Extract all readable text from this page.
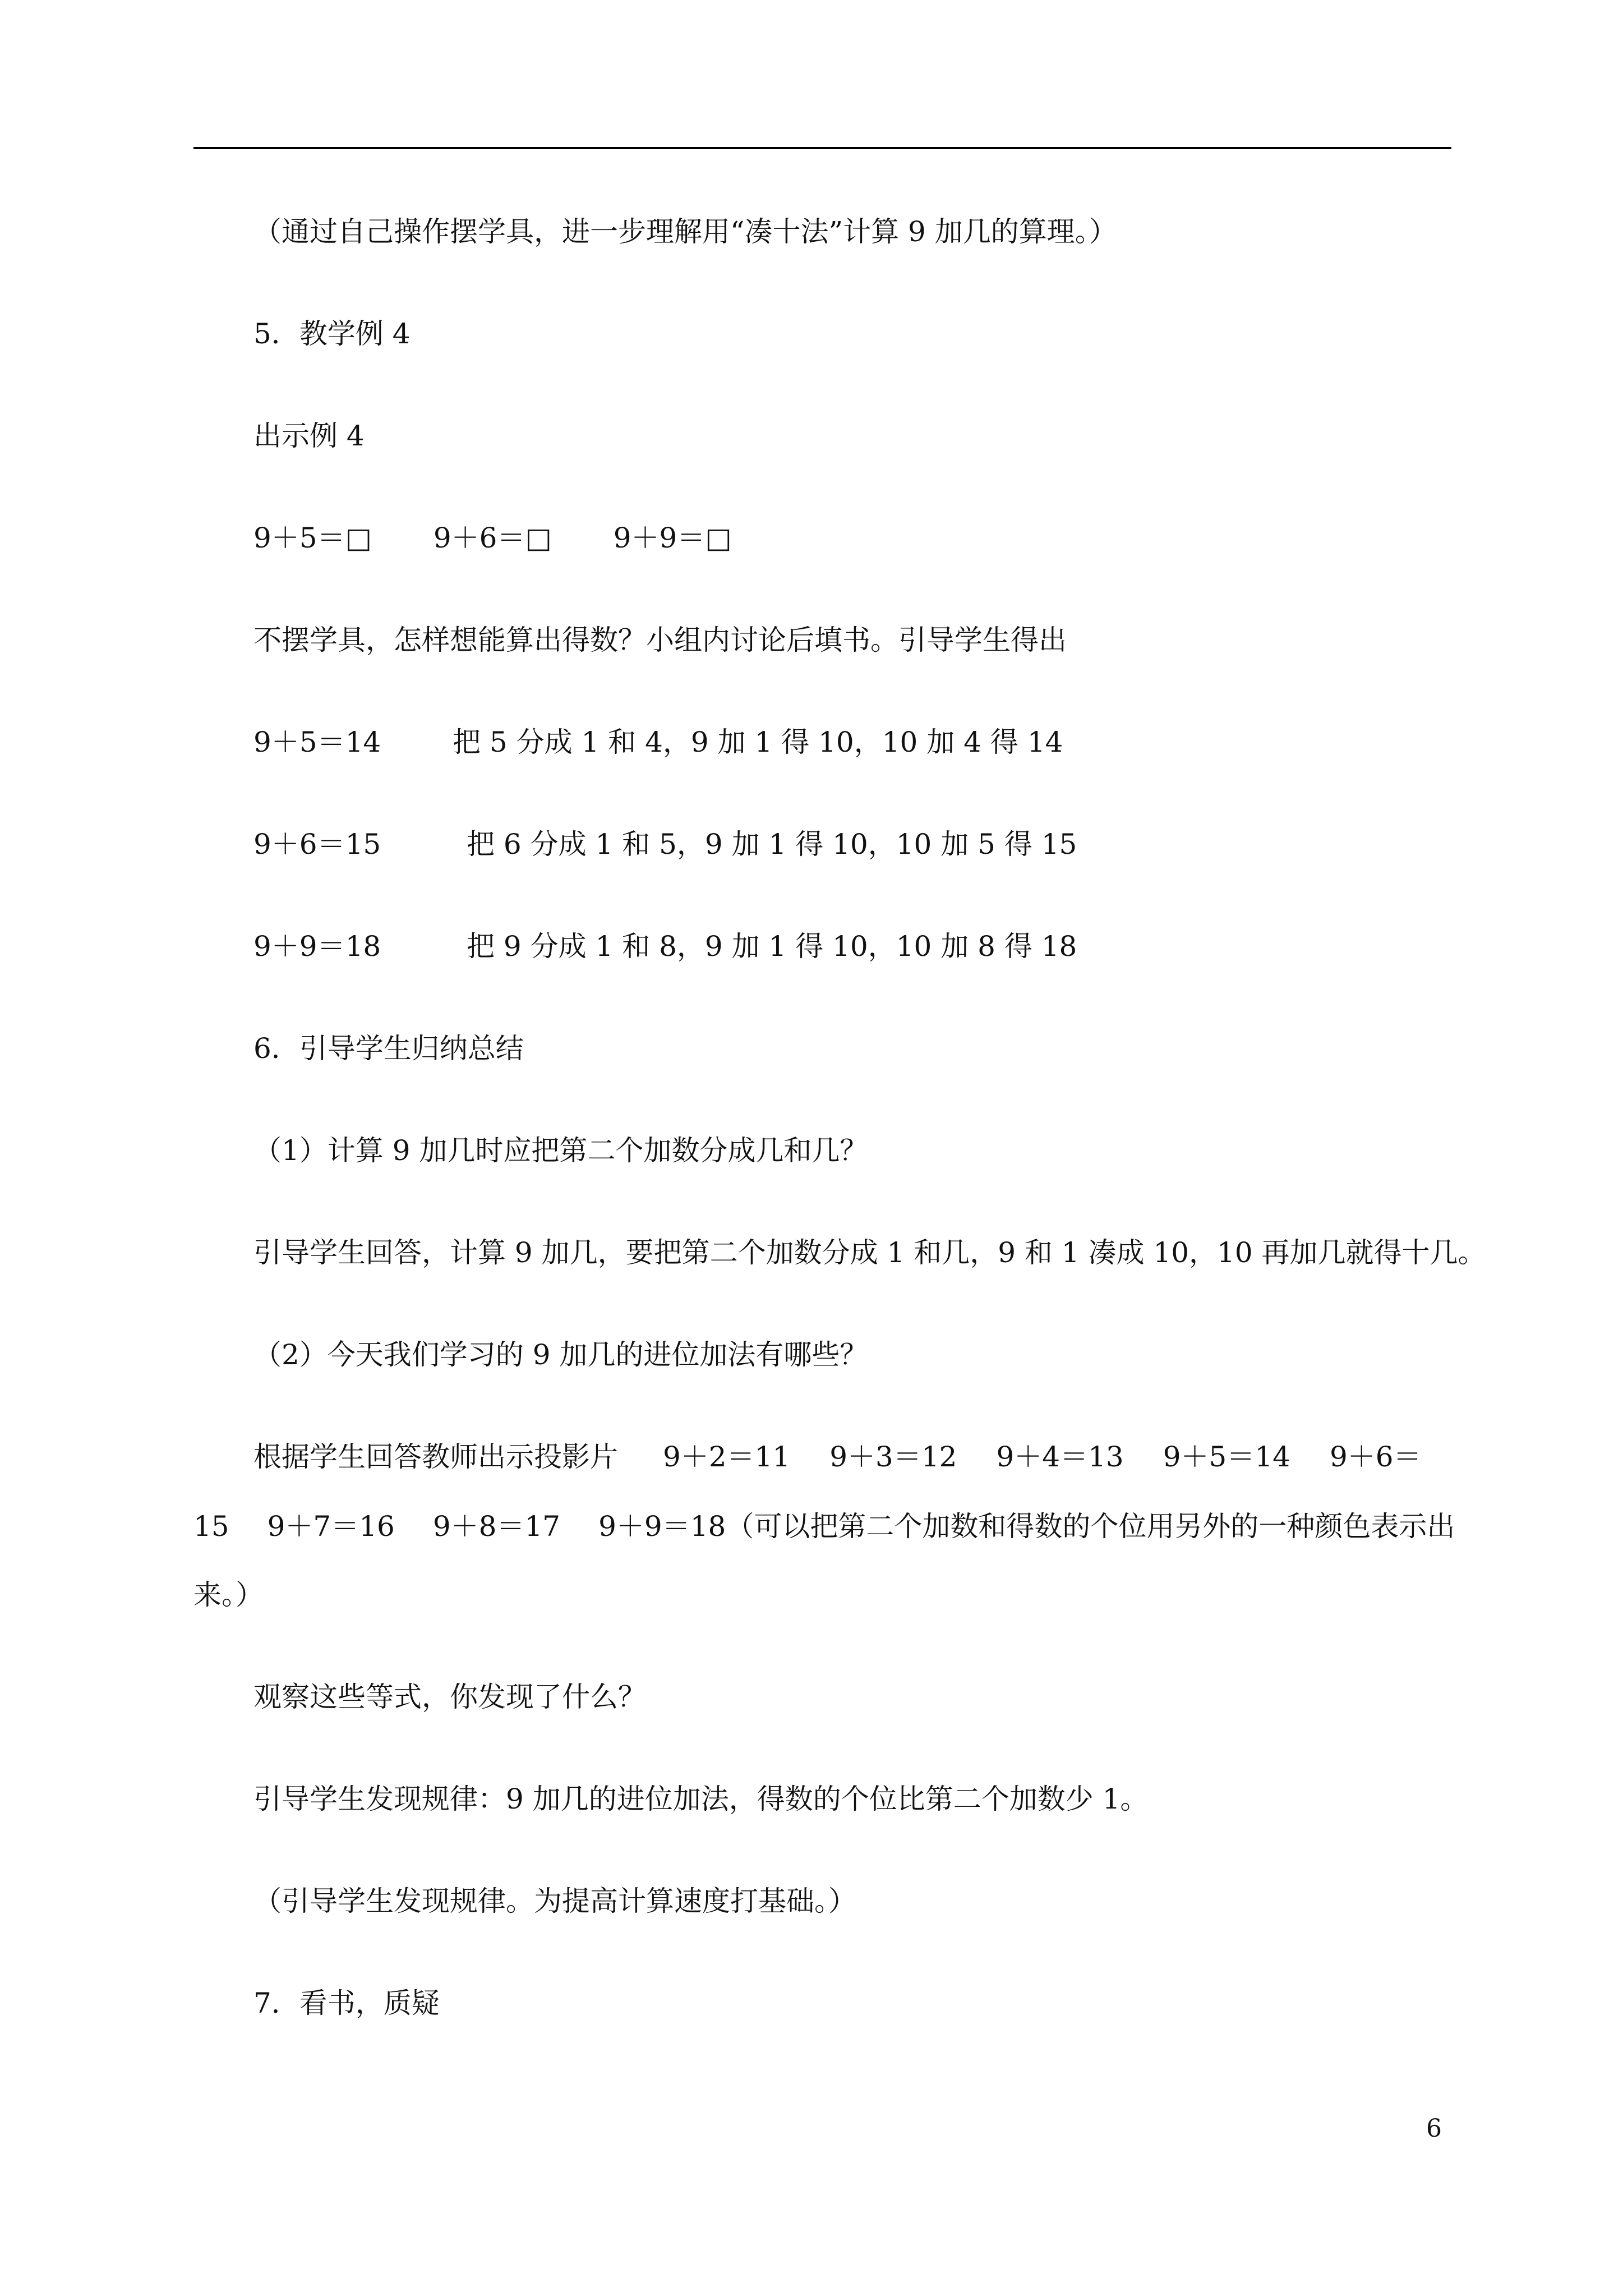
（通过自己操作摆学具，进一步理解用“凑十法”计算 9 加几的算理。）
5．教学例 4
出示例 4
9＋5＝□ 9＋6＝□ 9＋9＝□
不摆学具，怎样想能算出得数？小组内讨论后填书。引导学生得出
9＋5＝14	把 5 分成 1 和 4，9 加 1 得 10，10 加 4 得 14
9＋6＝15	把 6 分成 1 和 5，9 加 1 得 10，10 加 5 得 15
9＋9＝18	把 9 分成 1 和 8，9 加 1 得 10，10 加 8 得 18
6．引导学生归纳总结
（1）计算 9 加几时应把第二个加数分成几和几？
引导学生回答，计算 9 加几，要把第二个加数分成 1 和几，9 和 1 凑成 10，10 再加几就得十几。
（2）今天我们学习的 9 加几的进位加法有哪些？
根据学生回答教师出示投影片 9＋2＝11 9＋3＝12 9＋4＝13 9＋5＝14 9＋6＝
15 9＋7＝16 9＋8＝17 9＋9＝18（可以把第二个加数和得数的个位用另外的一种颜色表示出
来。）
观察这些等式，你发现了什么？
引导学生发现规律：9 加几的进位加法，得数的个位比第二个加数少 1。
（引导学生发现规律。为提高计算速度打基础。）
7．看书，质疑
6
